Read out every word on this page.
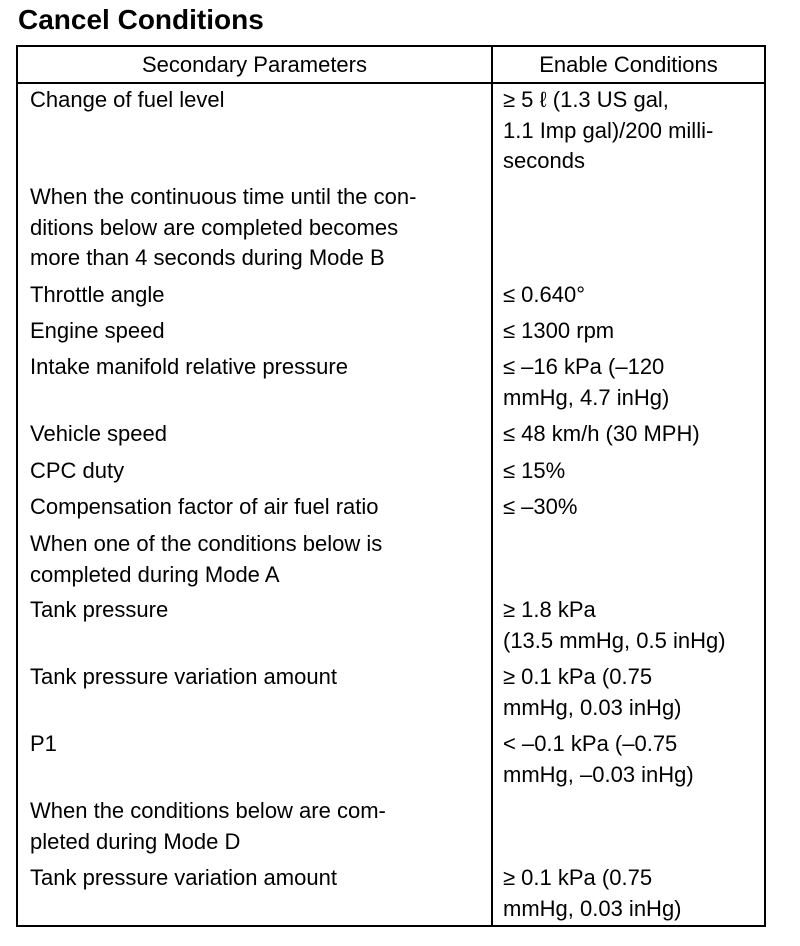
Cancel Conditions
Secondary Parameters	Enable Conditions
Change of fuel level	≥ 5 ℓ (1.3 US gal,
1.1 Imp gal)/200 milli-
seconds
When the continuous time until the con-
ditions below are completed becomes
more than 4 seconds during Mode B
Throttle angle	≤ 0.640°
Engine speed	≤ 1300 rpm
Intake manifold relative pressure	≤ –16 kPa (–120
mmHg, 4.7 inHg)
Vehicle speed	≤ 48 km/h (30 MPH)
CPC duty	≤ 15%
Compensation factor of air fuel ratio	≤ –30%
When one of the conditions below is
completed during Mode A
Tank pressure	≥ 1.8 kPa
(13.5 mmHg, 0.5 inHg)
Tank pressure variation amount	≥ 0.1 kPa (0.75
mmHg, 0.03 inHg)
P1	< –0.1 kPa (–0.75
mmHg, –0.03 inHg)
When the conditions below are com-
pleted during Mode D
Tank pressure variation amount	≥ 0.1 kPa (0.75
mmHg, 0.03 inHg)
